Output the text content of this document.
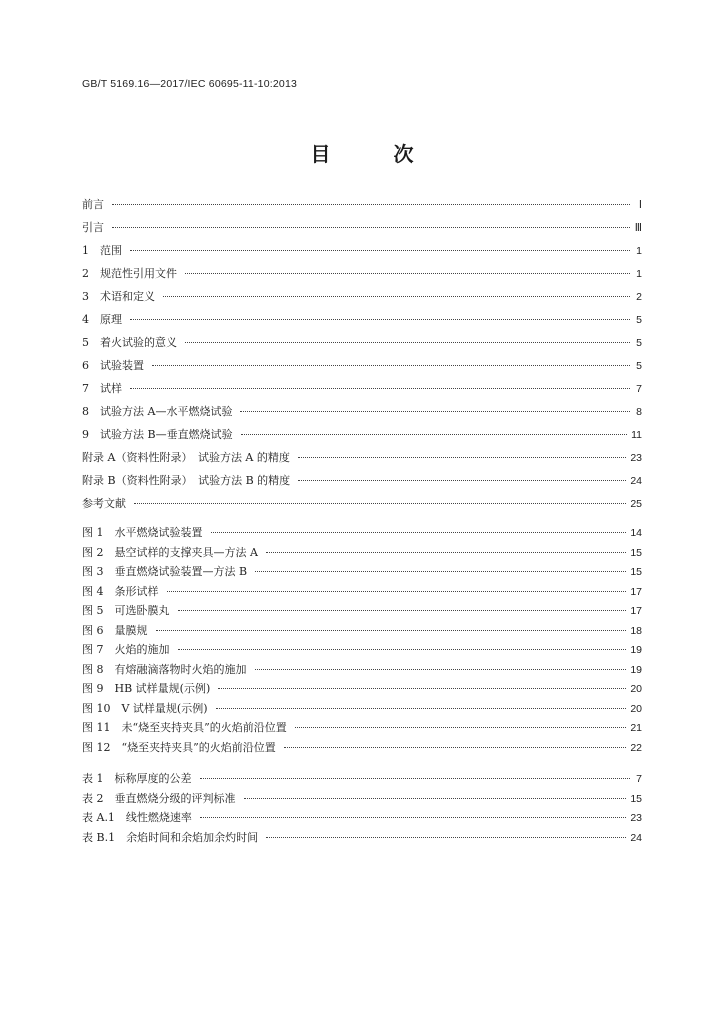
GB/T 5169.16—2017/IEC 60695-11-10:2013
目 次
前言	Ⅰ
引言	Ⅲ
1　范围	1
2　规范性引用文件	1
3　术语和定义	2
4　原理	5
5　着火试验的意义	5
6　试验装置	5
7　试样	7
8　试验方法 A—水平燃烧试验	8
9　试验方法 B—垂直燃烧试验	11
附录 A（资料性附录）　试验方法 A 的精度	23
附录 B（资料性附录）　试验方法 B 的精度	24
参考文献	25
图 1　水平燃烧试验装置	14
图 2　悬空试样的支撑夹具—方法 A	15
图 3　垂直燃烧试验装置—方法 B	15
图 4　条形试样	17
图 5　可选卧膜丸	17
图 6　量膜规	18
图 7　火焰的施加	19
图 8　有熔融滴落物时火焰的施加	19
图 9　HB 试样量规(示例)	20
图 10　V 试样量规(示例)	20
图 11　未“烧至夹持夹具”的火焰前沿位置	21
图 12　“烧至夹持夹具”的火焰前沿位置	22
表 1　标称厚度的公差	7
表 2　垂直燃烧分级的评判标准	15
表 A.1　线性燃烧速率	23
表 B.1　余焰时间和余焰加余灼时间	24
